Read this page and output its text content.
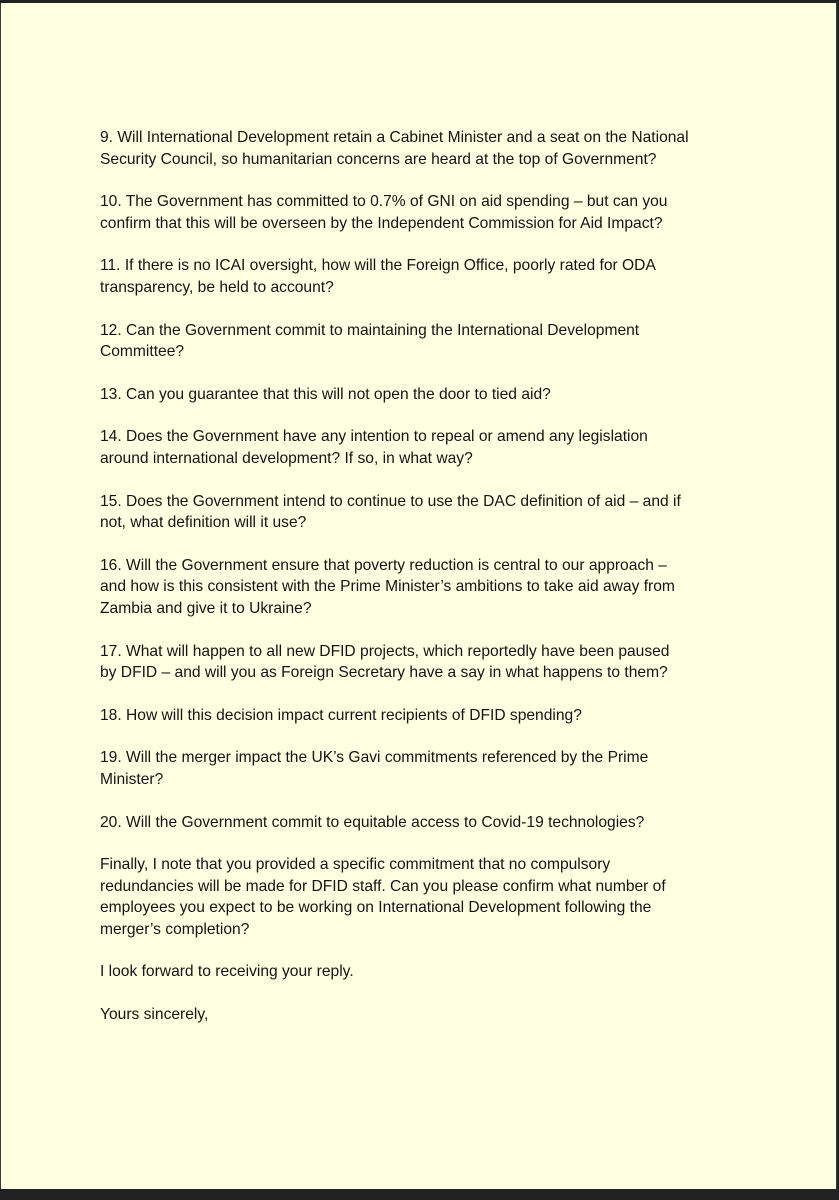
9. Will International Development retain a Cabinet Minister and a seat on the National
Security Council, so humanitarian concerns are heard at the top of Government?

10. The Government has committed to 0.7% of GNI on aid spending – but can you
confirm that this will be overseen by the Independent Commission for Aid Impact?

11. If there is no ICAI oversight, how will the Foreign Office, poorly rated for ODA
transparency, be held to account?

12. Can the Government commit to maintaining the International Development
Committee?

13. Can you guarantee that this will not open the door to tied aid?

14. Does the Government have any intention to repeal or amend any legislation
around international development? If so, in what way?

15. Does the Government intend to continue to use the DAC definition of aid – and if
not, what definition will it use?

16. Will the Government ensure that poverty reduction is central to our approach –
and how is this consistent with the Prime Minister’s ambitions to take aid away from
Zambia and give it to Ukraine?

17. What will happen to all new DFID projects, which reportedly have been paused
by DFID – and will you as Foreign Secretary have a say in what happens to them?

18. How will this decision impact current recipients of DFID spending?

19. Will the merger impact the UK’s Gavi commitments referenced by the Prime
Minister?

20. Will the Government commit to equitable access to Covid-19 technologies?

Finally, I note that you provided a specific commitment that no compulsory
redundancies will be made for DFID staff. Can you please confirm what number of
employees you expect to be working on International Development following the
merger’s completion?

I look forward to receiving your reply.

Yours sincerely,
